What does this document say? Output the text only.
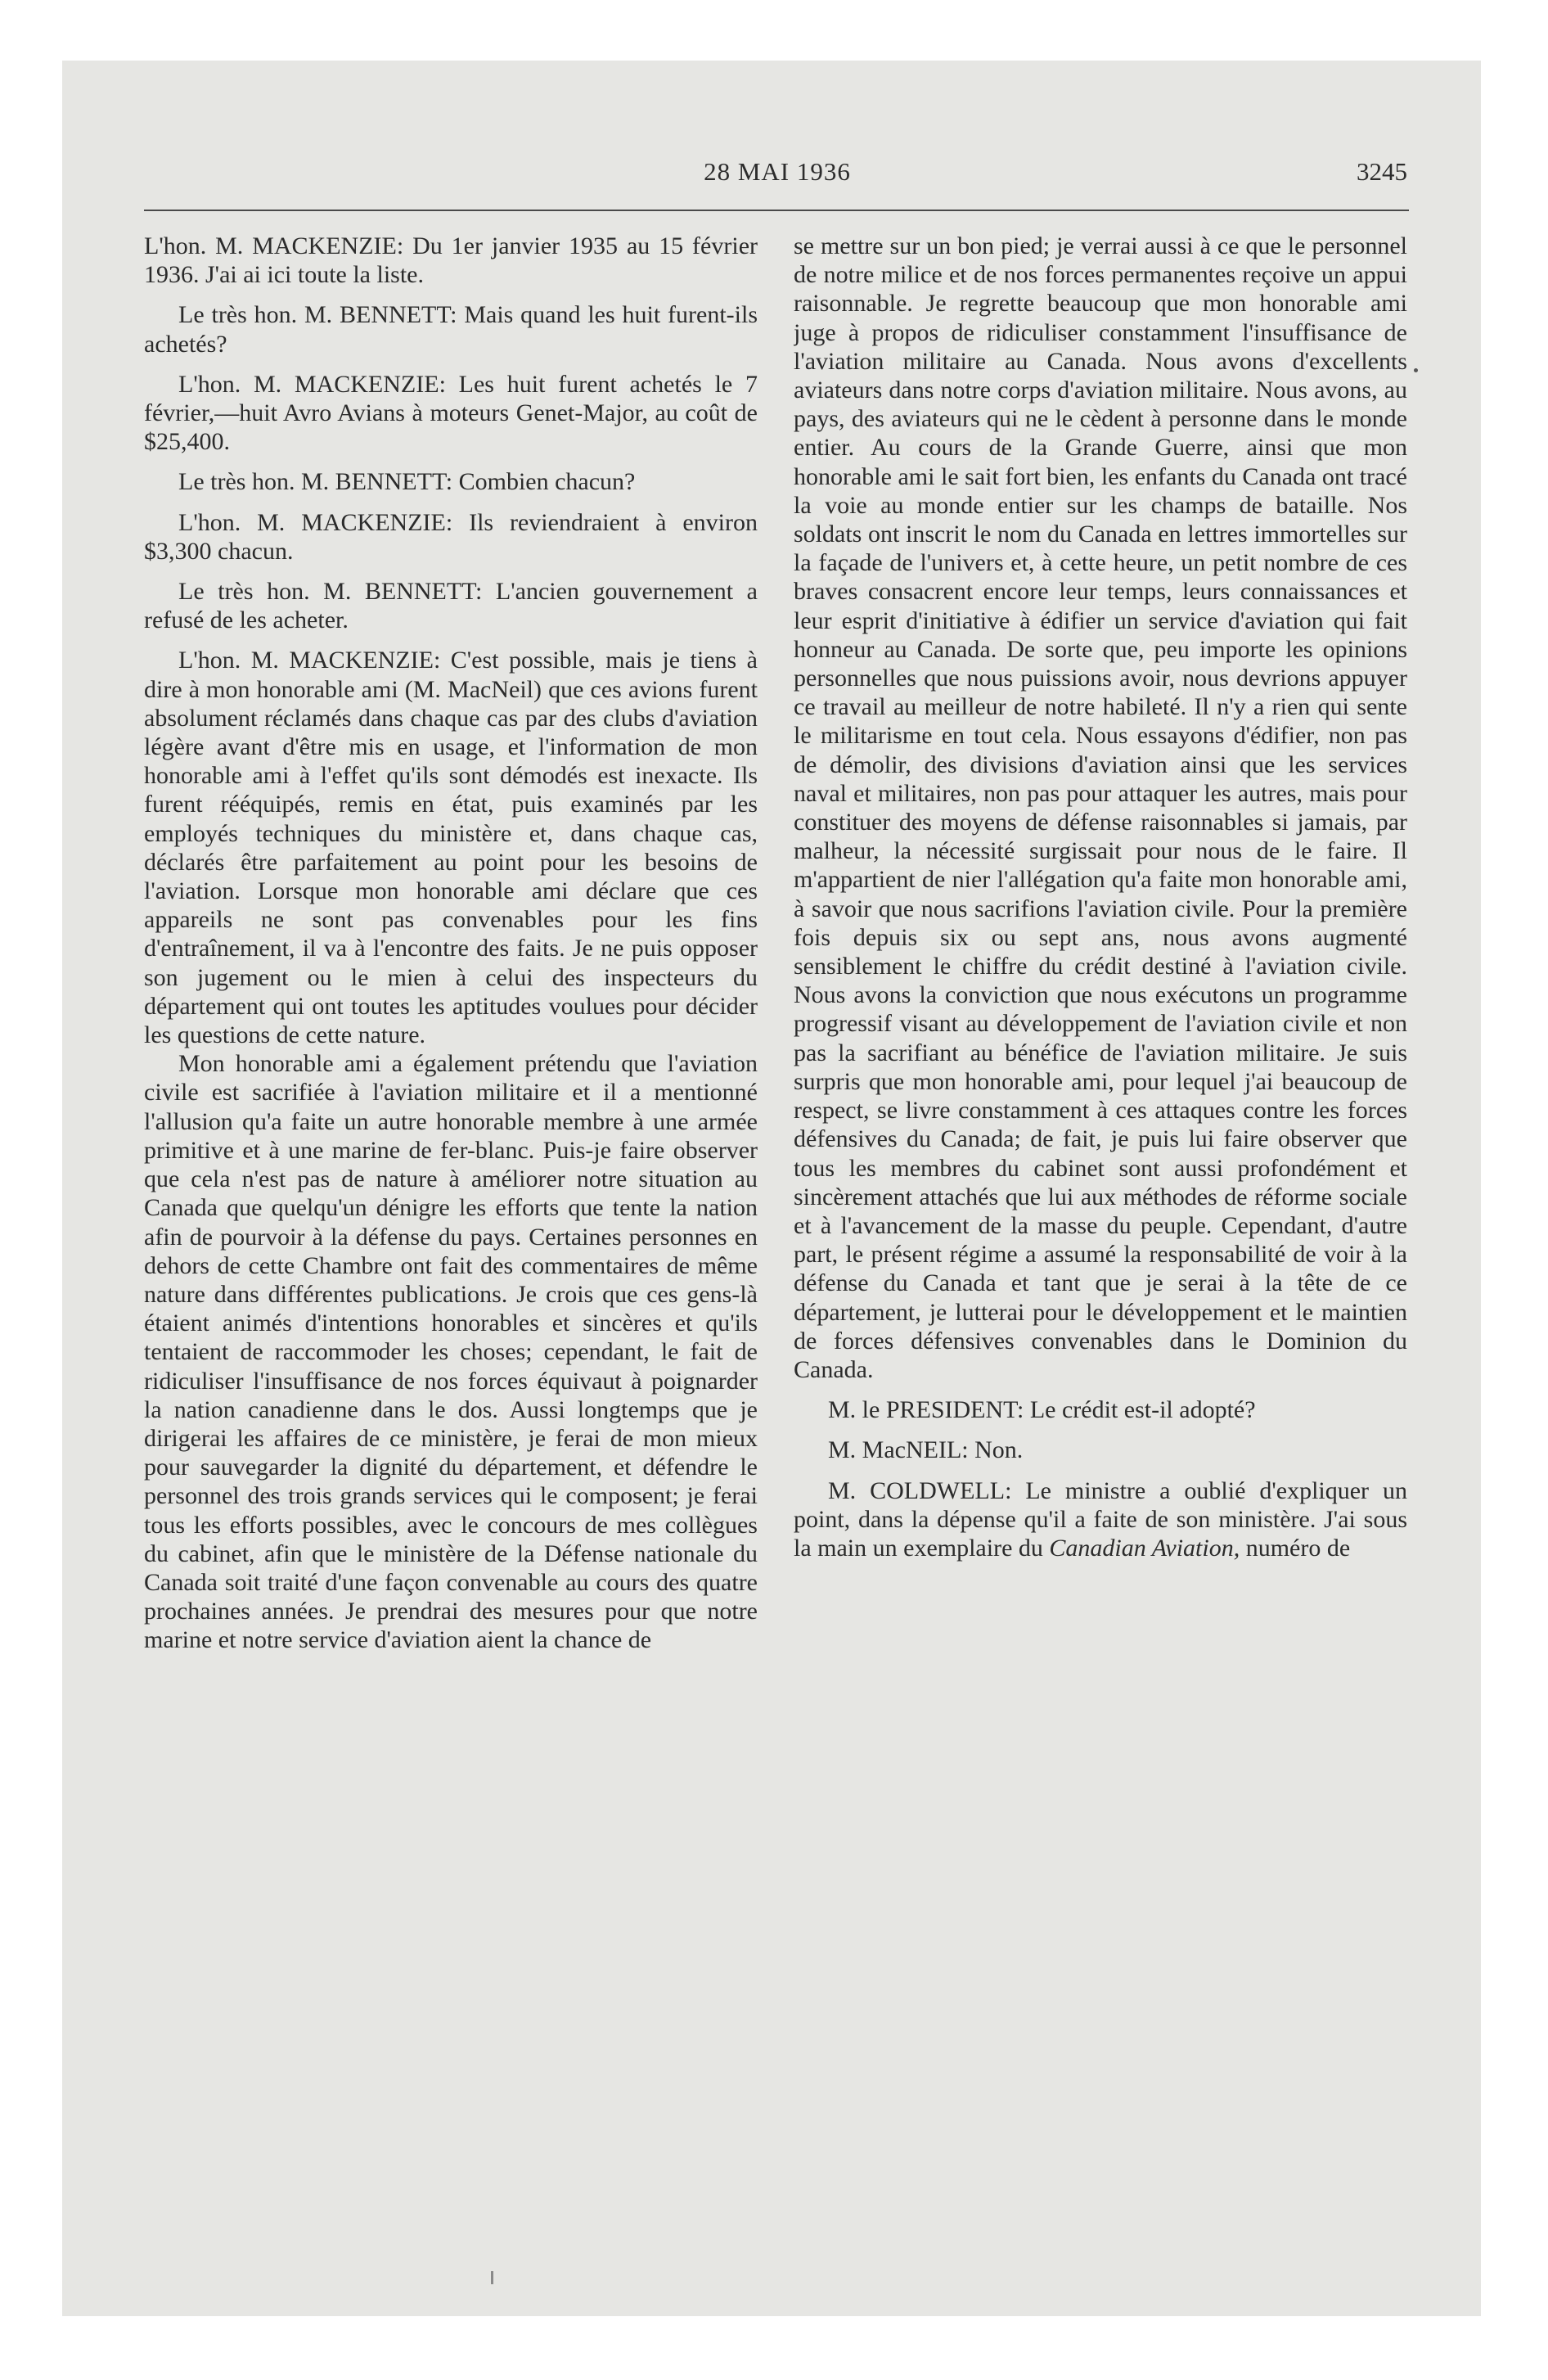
28 MAI 1936	3245

L'hon. M. MACKENZIE: Du 1er janvier 1935 au 15 février 1936. J'ai ai ici toute la liste.

Le très hon. M. BENNETT: Mais quand les huit furent-ils achetés?

L'hon. M. MACKENZIE: Les huit furent achetés le 7 février,—huit Avro Avians à moteurs Genet-Major, au coût de $25,400.

Le très hon. M. BENNETT: Combien chacun?

L'hon. M. MACKENZIE: Ils reviendraient à environ $3,300 chacun.

Le très hon. M. BENNETT: L'ancien gouvernement a refusé de les acheter.

L'hon. M. MACKENZIE: C'est possible, mais je tiens à dire à mon honorable ami (M. MacNeil) que ces avions furent absolument réclamés dans chaque cas par des clubs d'aviation légère avant d'être mis en usage, et l'information de mon honorable ami à l'effet qu'ils sont démodés est inexacte. Ils furent rééquipés, remis en état, puis examinés par les employés techniques du ministère et, dans chaque cas, déclarés être parfaitement au point pour les besoins de l'aviation. Lorsque mon honorable ami déclare que ces appareils ne sont pas convenables pour les fins d'entraînement, il va à l'encontre des faits. Je ne puis opposer son jugement ou le mien à celui des inspecteurs du département qui ont toutes les aptitudes voulues pour décider les questions de cette nature.

Mon honorable ami a également prétendu que l'aviation civile est sacrifiée à l'aviation militaire et il a mentionné l'allusion qu'a faite un autre honorable membre à une armée primitive et à une marine de fer-blanc. Puis-je faire observer que cela n'est pas de nature à améliorer notre situation au Canada que quelqu'un dénigre les efforts que tente la nation afin de pourvoir à la défense du pays. Certaines personnes en dehors de cette Chambre ont fait des commentaires de même nature dans différentes publications. Je crois que ces gens-là étaient animés d'intentions honorables et sincères et qu'ils tentaient de raccommoder les choses; cependant, le fait de ridiculiser l'insuffisance de nos forces équivaut à poignarder la nation canadienne dans le dos. Aussi longtemps que je dirigerai les affaires de ce ministère, je ferai de mon mieux pour sauvegarder la dignité du département, et défendre le personnel des trois grands services qui le composent; je ferai tous les efforts possibles, avec le concours de mes collègues du cabinet, afin que le ministère de la Défense nationale du Canada soit traité d'une façon convenable au cours des quatre prochaines années. Je prendrai des mesures pour que notre marine et notre service d'aviation aient la chance de

se mettre sur un bon pied; je verrai aussi à ce que le personnel de notre milice et de nos forces permanentes reçoive un appui raisonnable. Je regrette beaucoup que mon honorable ami juge à propos de ridiculiser constamment l'insuffisance de l'aviation militaire au Canada. Nous avons d'excellents aviateurs dans notre corps d'aviation militaire. Nous avons, au pays, des aviateurs qui ne le cèdent à personne dans le monde entier. Au cours de la Grande Guerre, ainsi que mon honorable ami le sait fort bien, les enfants du Canada ont tracé la voie au monde entier sur les champs de bataille. Nos soldats ont inscrit le nom du Canada en lettres immortelles sur la façade de l'univers et, à cette heure, un petit nombre de ces braves consacrent encore leur temps, leurs connaissances et leur esprit d'initiative à édifier un service d'aviation qui fait honneur au Canada. De sorte que, peu importe les opinions personnelles que nous puissions avoir, nous devrions appuyer ce travail au meilleur de notre habileté. Il n'y a rien qui sente le militarisme en tout cela. Nous essayons d'édifier, non pas de démolir, des divisions d'aviation ainsi que les services naval et militaires, non pas pour attaquer les autres, mais pour constituer des moyens de défense raisonnables si jamais, par malheur, la nécessité surgissait pour nous de le faire. Il m'appartient de nier l'allégation qu'a faite mon honorable ami, à savoir que nous sacrifions l'aviation civile. Pour la première fois depuis six ou sept ans, nous avons augmenté sensiblement le chiffre du crédit destiné à l'aviation civile. Nous avons la conviction que nous exécutons un programme progressif visant au développement de l'aviation civile et non pas la sacrifiant au bénéfice de l'aviation militaire. Je suis surpris que mon honorable ami, pour lequel j'ai beaucoup de respect, se livre constamment à ces attaques contre les forces défensives du Canada; de fait, je puis lui faire observer que tous les membres du cabinet sont aussi profondément et sincèrement attachés que lui aux méthodes de réforme sociale et à l'avancement de la masse du peuple. Cependant, d'autre part, le présent régime a assumé la responsabilité de voir à la défense du Canada et tant que je serai à la tête de ce département, je lutterai pour le développement et le maintien de forces défensives convenables dans le Dominion du Canada.

M. le PRESIDENT: Le crédit est-il adopté?

M. MacNEIL: Non.

M. COLDWELL: Le ministre a oublié d'expliquer un point, dans la dépense qu'il a faite de son ministère. J'ai sous la main un exemplaire du Canadian Aviation, numéro de
